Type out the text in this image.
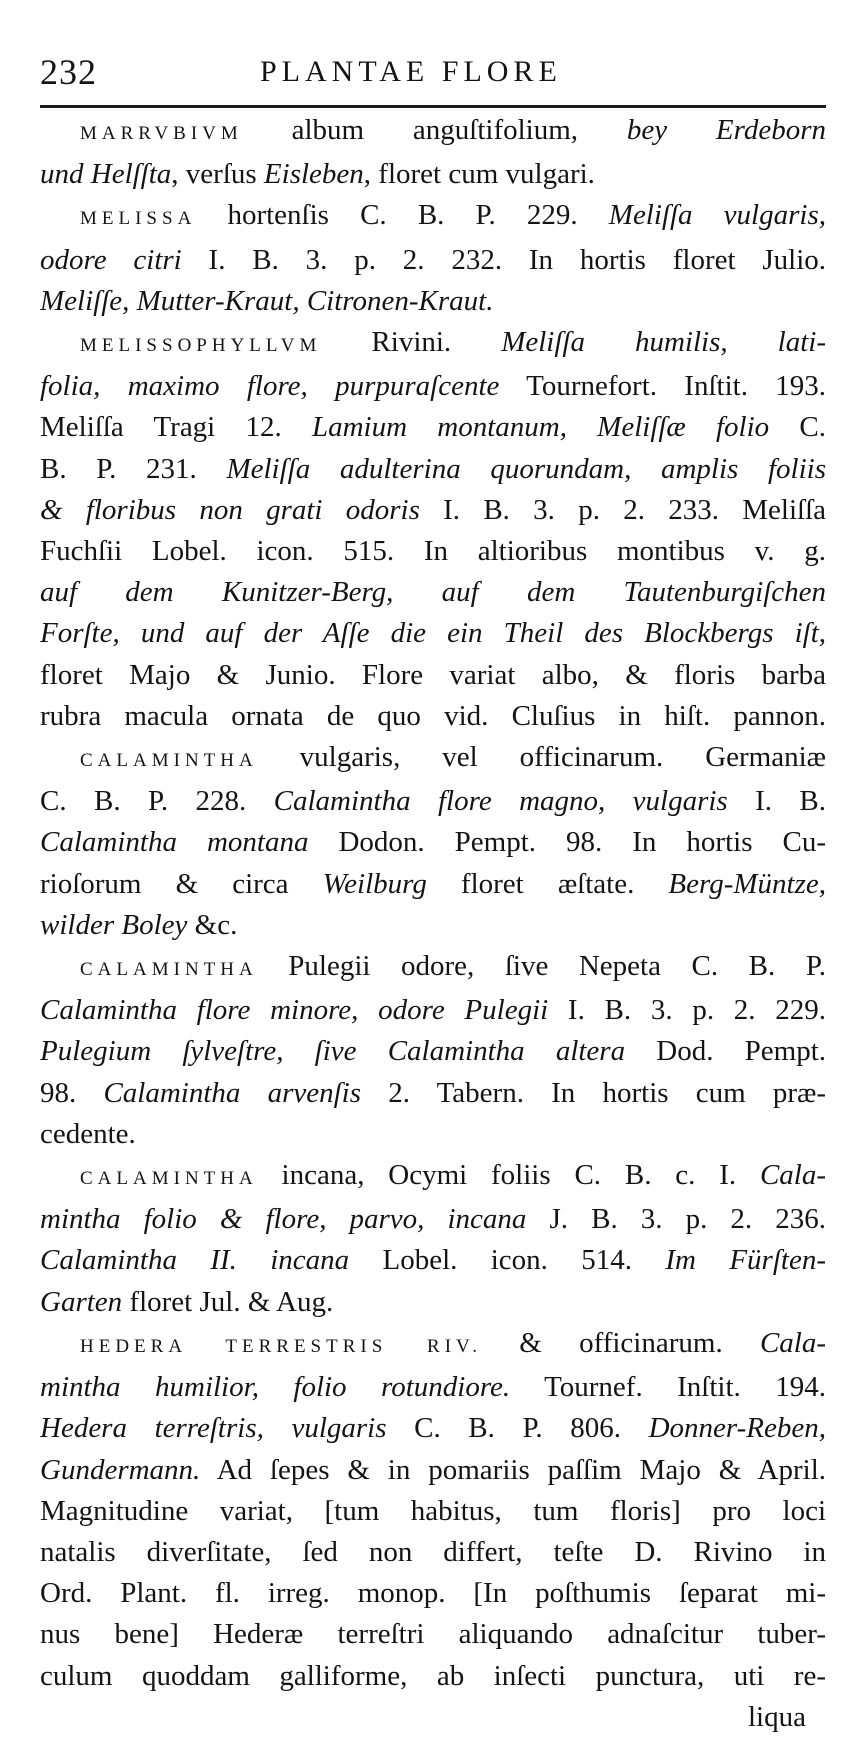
232	PLANTAE FLORE
MARRVBIVM album anguſtifolium, bey Erdeborn
und Helſſta, verſus Eisleben, floret cum vulgari.
MELISSA hortenſis C. B. P. 229. Meliſſa vulgaris,
odore citri I. B. 3. p. 2. 232. In hortis floret Julio.
Meliſſe, Mutter-Kraut, Citronen-Kraut.
MELISSOPHYLLVM Rivini. Meliſſa humilis, lati-
folia, maximo flore, purpuraſcente Tournefort. Inſtit. 193.
Meliſſa Tragi 12. Lamium montanum, Meliſſæ folio C.
B. P. 231. Meliſſa adulterina quorundam, amplis foliis
& floribus non grati odoris I. B. 3. p. 2. 233. Meliſſa
Fuchſii Lobel. icon. 515. In altioribus montibus v. g.
auf dem Kunitzer-Berg, auf dem Tautenburgiſchen
Forſte, und auf der Aſſe die ein Theil des Blockbergs iſt,
floret Majo & Junio. Flore variat albo, & floris barba
rubra macula ornata de quo vid. Cluſius in hiſt. pannon.
CALAMINTHA vulgaris, vel officinarum. Germaniæ
C. B. P. 228. Calamintha flore magno, vulgaris I. B.
Calamintha montana Dodon. Pempt. 98. In hortis Cu-
rioſorum & circa Weilburg floret æſtate. Berg-Müntze,
wilder Boley &c.
CALAMINTHA Pulegii odore, ſive Nepeta C. B. P.
Calamintha flore minore, odore Pulegii I. B. 3. p. 2. 229.
Pulegium ſylveſtre, ſive Calamintha altera Dod. Pempt.
98. Calamintha arvenſis 2. Tabern. In hortis cum præ-
cedente.
CALAMINTHA incana, Ocymi foliis C. B. c. I. Cala-
mintha folio & flore, parvo, incana J. B. 3. p. 2. 236.
Calamintha II. incana Lobel. icon. 514. Im Fürſten-
Garten floret Jul. & Aug.
HEDERA TERRESTRIS RIV. & officinarum. Cala-
mintha humilior, folio rotundiore. Tournef. Inſtit. 194.
Hedera terreſtris, vulgaris C. B. P. 806. Donner-Reben,
Gundermann. Ad ſepes & in pomariis paſſim Majo & April.
Magnitudine variat, [tum habitus, tum floris] pro loci
natalis diverſitate, ſed non differt, teſte D. Rivino in
Ord. Plant. fl. irreg. monop. [In poſthumis ſeparat mi-
nus bene] Hederæ terreſtri aliquando adnaſcitur tuber-
culum quoddam galliforme, ab inſecti punctura, uti re-
liqua
